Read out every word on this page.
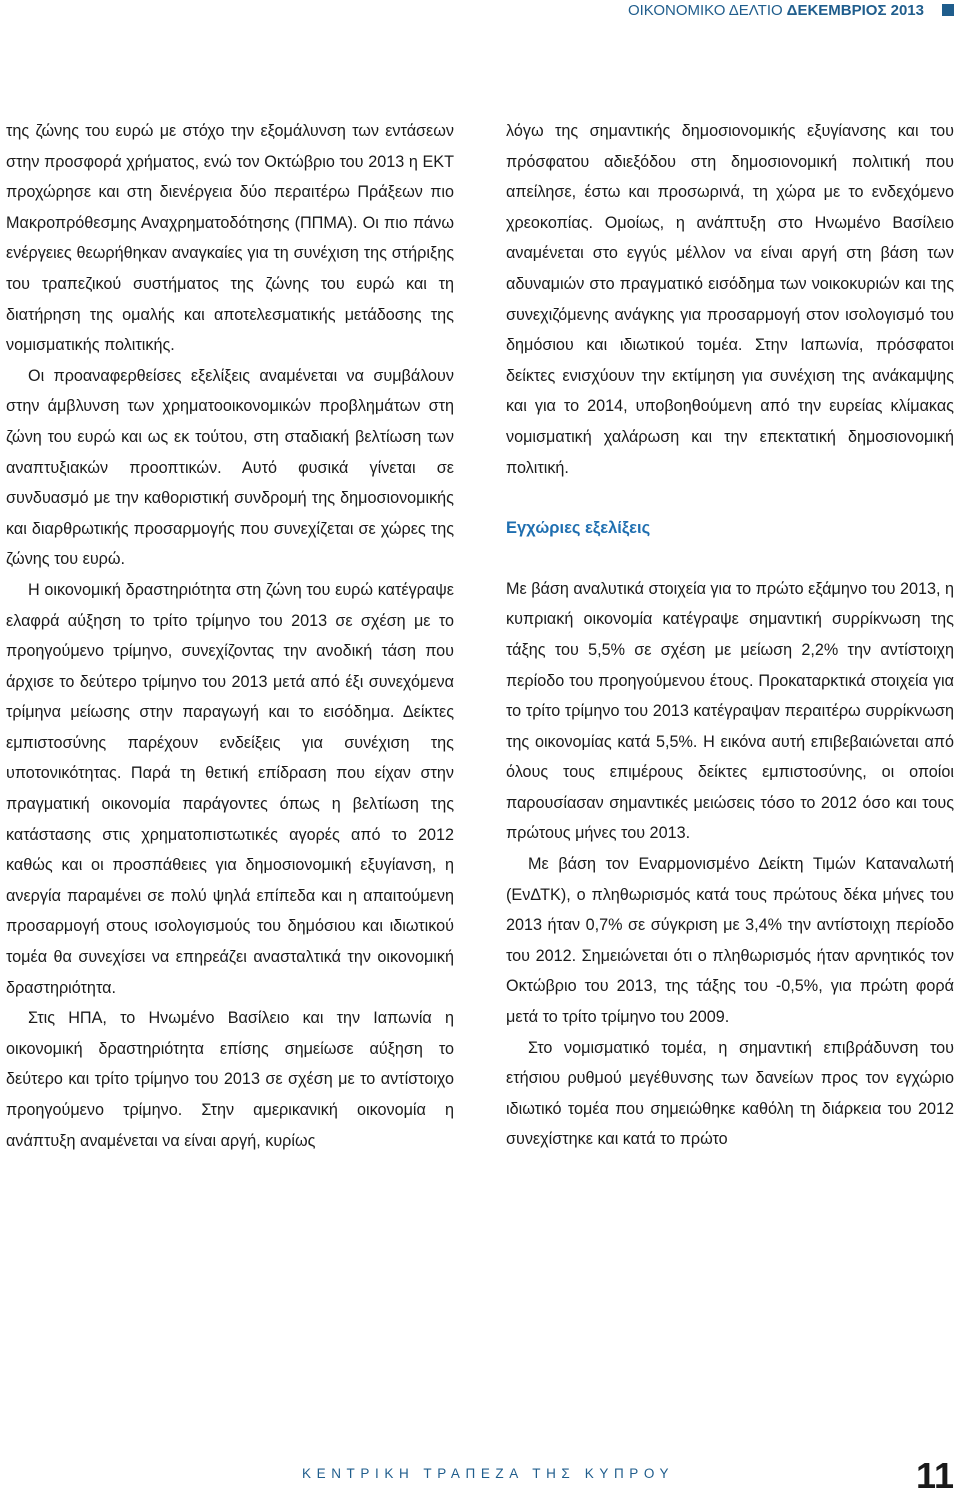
ΟΙΚΟΝΟΜΙΚΟ ΔΕΛΤΙΟ ΔΕΚΕΜΒΡΙΟΣ 2013

της ζώνης του ευρώ με στόχο την εξομάλυνση των εντάσεων στην προσφορά χρήματος, ενώ τον Οκτώβριο του 2013 η ΕΚΤ προχώρησε και στη διενέργεια δύο περαιτέρω Πράξεων πιο Μακροπρόθεσμης Αναχρηματοδότησης (ΠΠΜΑ). Οι πιο πάνω ενέργειες θεωρήθηκαν αναγκαίες για τη συνέχιση της στήριξης του τραπεζικού συστήματος της ζώνης του ευρώ και τη διατήρηση της ομαλής και αποτελεσματικής μετάδοσης της νομισματικής πολιτικής.

Οι προαναφερθείσες εξελίξεις αναμένεται να συμβάλουν στην άμβλυνση των χρηματοοικονομικών προβλημάτων στη ζώνη του ευρώ και ως εκ τούτου, στη σταδιακή βελτίωση των αναπτυξιακών προοπτικών. Αυτό φυσικά γίνεται σε συνδυασμό με την καθοριστική συνδρομή της δημοσιονομικής και διαρθρωτικής προσαρμογής που συνεχίζεται σε χώρες της ζώνης του ευρώ.

Η οικονομική δραστηριότητα στη ζώνη του ευρώ κατέγραψε ελαφρά αύξηση το τρίτο τρίμηνο του 2013 σε σχέση με το προηγούμενο τρίμηνο, συνεχίζοντας την ανοδική τάση που άρχισε το δεύτερο τρίμηνο του 2013 μετά από έξι συνεχόμενα τρίμηνα μείωσης στην παραγωγή και το εισόδημα. Δείκτες εμπιστοσύνης παρέχουν ενδείξεις για συνέχιση της υποτονικότητας. Παρά τη θετική επίδραση που είχαν στην πραγματική οικονομία παράγοντες όπως η βελτίωση της κατάστασης στις χρηματοπιστωτικές αγορές από το 2012 καθώς και οι προσπάθειες για δημοσιονομική εξυγίανση, η ανεργία παραμένει σε πολύ ψηλά επίπεδα και η απαιτούμενη προσαρμογή στους ισολογισμούς του δημόσιου και ιδιωτικού τομέα θα συνεχίσει να επηρεάζει ανασταλτικά την οικονομική δραστηριότητα.

Στις ΗΠΑ, το Ηνωμένο Βασίλειο και την Ιαπωνία η οικονομική δραστηριότητα επίσης σημείωσε αύξηση το δεύτερο και τρίτο τρίμηνο του 2013 σε σχέση με το αντίστοιχο προηγούμενο τρίμηνο. Στην αμερικανική οικονομία η ανάπτυξη αναμένεται να είναι αργή, κυρίως

λόγω της σημαντικής δημοσιονομικής εξυγίανσης και του πρόσφατου αδιεξόδου στη δημοσιονομική πολιτική που απείλησε, έστω και προσωρινά, τη χώρα με το ενδεχόμενο χρεοκοπίας. Ομοίως, η ανάπτυξη στο Ηνωμένο Βασίλειο αναμένεται στο εγγύς μέλλον να είναι αργή στη βάση των αδυναμιών στο πραγματικό εισόδημα των νοικοκυριών και της συνεχιζόμενης ανάγκης για προσαρμογή στον ισολογισμό του δημόσιου και ιδιωτικού τομέα. Στην Ιαπωνία, πρόσφατοι δείκτες ενισχύουν την εκτίμηση για συνέχιση της ανάκαμψης και για το 2014, υποβοηθούμενη από την ευρείας κλίμακας νομισματική χαλάρωση και την επεκτατική δημοσιονομική πολιτική.

Εγχώριες εξελίξεις

Με βάση αναλυτικά στοιχεία για το πρώτο εξάμηνο του 2013, η κυπριακή οικονομία κατέγραψε σημαντική συρρίκνωση της τάξης του 5,5% σε σχέση με μείωση 2,2% την αντίστοιχη περίοδο του προηγούμενου έτους. Προκαταρκτικά στοιχεία για το τρίτο τρίμηνο του 2013 κατέγραψαν περαιτέρω συρρίκνωση της οικονομίας κατά 5,5%. Η εικόνα αυτή επιβεβαιώνεται από όλους τους επιμέρους δείκτες εμπιστοσύνης, οι οποίοι παρουσίασαν σημαντικές μειώσεις τόσο το 2012 όσο και τους πρώτους μήνες του 2013.

Με βάση τον Εναρμονισμένο Δείκτη Τιμών Καταναλωτή (ΕνΔΤΚ), ο πληθωρισμός κατά τους πρώτους δέκα μήνες του 2013 ήταν 0,7% σε σύγκριση με 3,4% την αντίστοιχη περίοδο του 2012. Σημειώνεται ότι ο πληθωρισμός ήταν αρνητικός τον Οκτώβριο του 2013, της τάξης του -0,5%, για πρώτη φορά μετά το τρίτο τρίμηνο του 2009.

Στο νομισματικό τομέα, η σημαντική επιβράδυνση του ετήσιου ρυθμού μεγέθυνσης των δανείων προς τον εγχώριο ιδιωτικό τομέα που σημειώθηκε καθόλη τη διάρκεια του 2012 συνεχίστηκε και κατά το πρώτο

ΚΕΝΤΡΙΚΗ ΤΡΑΠΕΖΑ ΤΗΣ ΚΥΠΡΟΥ	11
